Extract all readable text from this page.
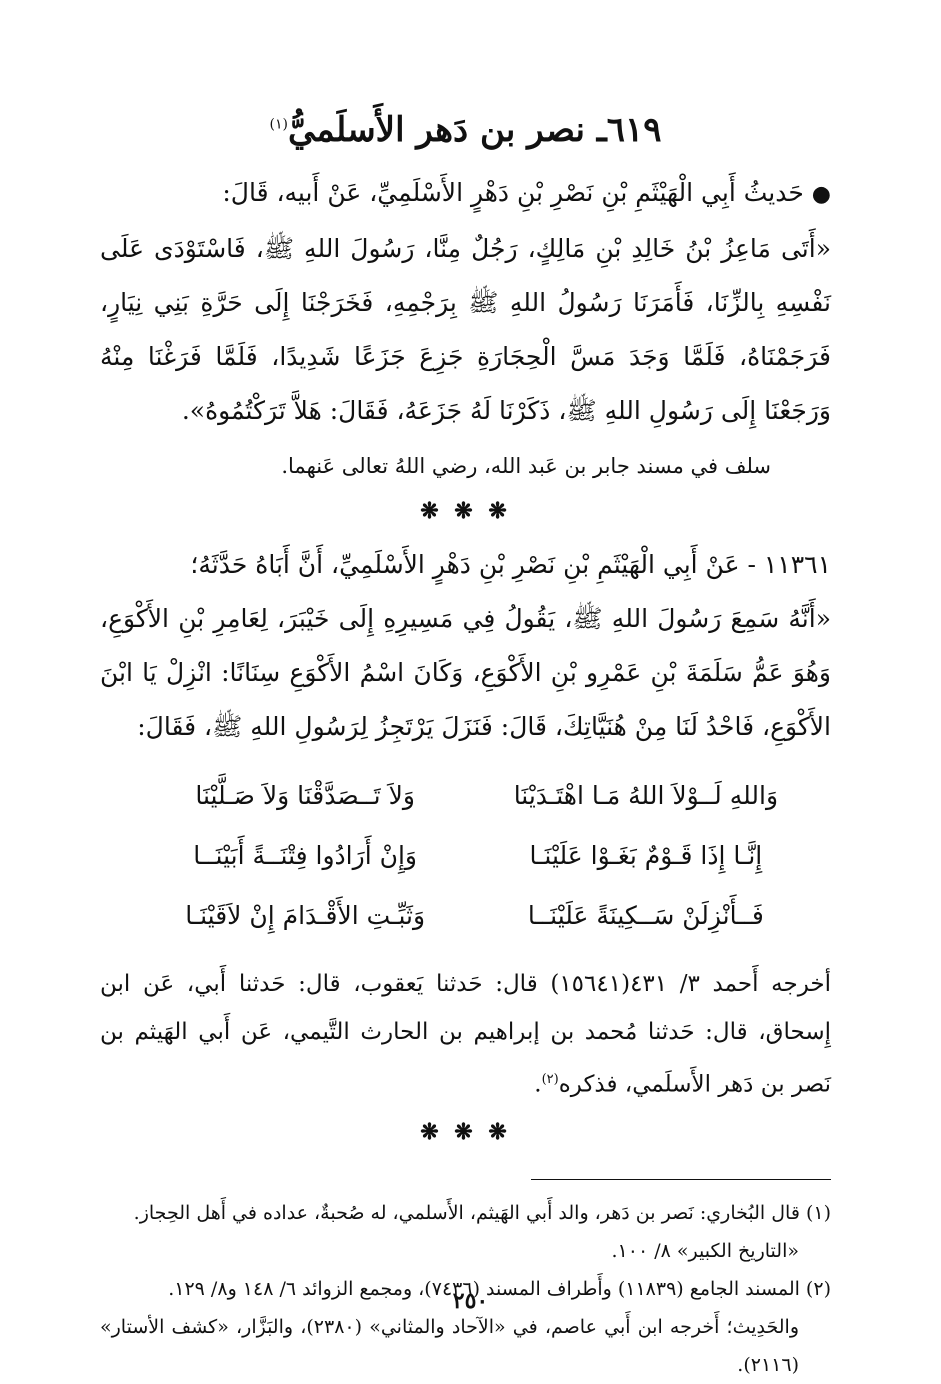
٦١٩ـ نصر بن دَهر الأَسلَميُّ$^{(١)}$

●حَديثُ أَبِي الْهَيْثَمِ بْنِ نَصْرِ بْنِ دَهْرٍ الأَسْلَمِيِّ، عَنْ أَبيه، قَالَ:

«أَتَى مَاعِزُ بْنُ خَالِدِ بْنِ مَالِكٍ، رَجُلٌ مِنَّا، رَسُولَ اللهِ ﷺ، فَاسْتَوْدَى عَلَى نَفْسِهِ بِالزِّنَا، فَأَمَرَنَا رَسُولُ اللهِ ﷺ بِرَجْمِهِ، فَخَرَجْنَا إِلَى حَرَّةِ بَنِي نِيَارٍ، فَرَجَمْنَاهُ، فَلَمَّا وَجَدَ مَسَّ الْحِجَارَةِ جَزِعَ جَزَعًا شَدِيدًا، فَلَمَّا فَرَغْنَا مِنْهُ وَرَجَعْنَا إِلَى رَسُولِ اللهِ ﷺ، ذَكَرْنَا لَهُ جَزَعَهُ، فَقَالَ: هَلاَّ تَرَكْتُمُوهُ».

سلف في مسند جابر بن عَبد الله، رضي اللهُ تعالى عَنهما.

❋ ❋ ❋

١١٣٦١ - عَنْ أَبِي الْهَيْثَمِ بْنِ نَصْرِ بْنِ دَهْرٍ الأَسْلَمِيِّ، أَنَّ أَبَاهُ حَدَّثَهُ؛

«أَنَّهُ سَمِعَ رَسُولَ اللهِ ﷺ، يَقُولُ فِي مَسِيرِهِ إِلَى خَيْبَرَ، لِعَامِرِ بْنِ الأَكْوَعِ، وَهُوَ عَمُّ سَلَمَةَ بْنِ عَمْرِو بْنِ الأَكْوَعِ، وَكَانَ اسْمُ الأَكْوَعِ سِنَانًا: انْزِلْ يَا ابْنَ الأَكْوَعِ، فَاحْدُ لَنَا مِنْ هُنَيَّاتِكَ، قَالَ: فَنَزَلَ يَرْتَجِزُ لِرَسُولِ اللهِ ﷺ، فَقَالَ:

وَاللهِ لَــوْلاَ اللهُ مَـا اهْتَـدَيْنَا
وَلاَ تَــصَدَّقْنَا وَلاَ صَـلَّيْنَا
إِنَّـا إِذَا قَـوْمٌ بَغَـوْا عَلَيْنَـا
وَإِنْ أَرَادُوا فِتْنَــةً أَبَيْنَــا
فَــأَنْزِلَنْ سَــكِينَةً عَلَيْنَــا
وَثَبِّـتِ الأَقْـدَامَ إِنْ لاَقَيْنَـا

أخرجه أَحمد ٣/ ٤٣١(١٥٦٤١) قال: حَدثنا يَعقوب، قال: حَدثنا أَبي، عَن ابن إِسحاق، قال: حَدثنا مُحمد بن إبراهيم بن الحارث التَّيمي، عَن أَبي الهَيثم بن نَصر بن دَهر الأَسلَمي، فذكره$^{(٢)}$.

❋ ❋ ❋

(١) قال البُخاري: نَصر بن دَهر، والد أَبي الهَيثم، الأَسلمي، له صُحبةٌ، عداده في أَهل الحِجاز.

«التاريخ الكبير» ٨/ ١٠٠.

(٢) المسند الجامع (١١٨٣٩) وأَطراف المسند (٧٤٣٦)، ومجمع الزوائد ٦/ ١٤٨ و٨/ ١٢٩.

والحَدِيث؛ أَخرجه ابن أَبي عاصم، في «الآحاد والمثاني» (٢٣٨٠)، والبَزَّار، «كشف الأستار» (٢١١٦).

٢٥٠
